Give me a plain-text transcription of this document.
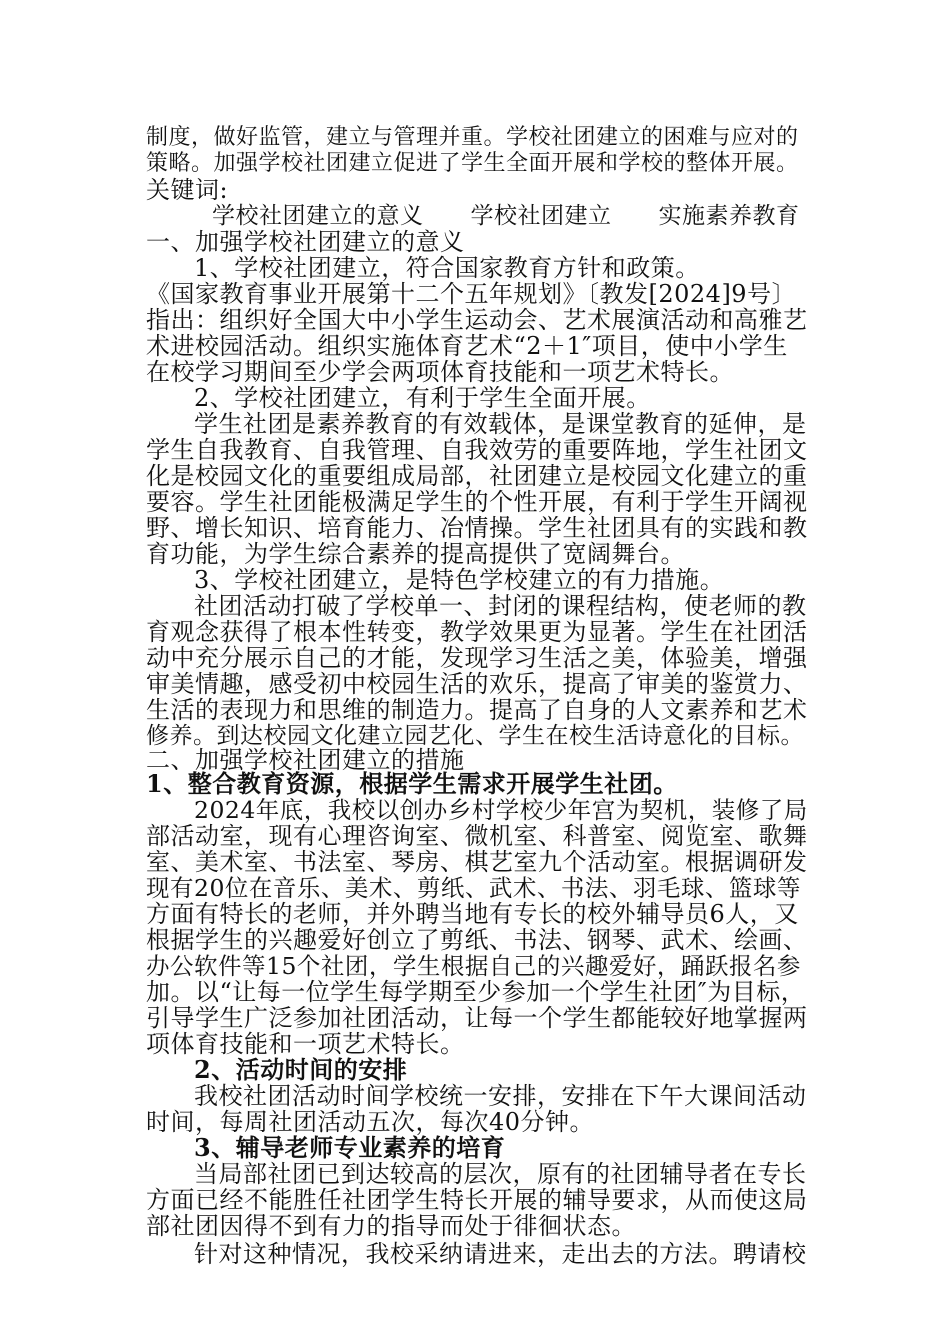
制度，做好监管，建立与管理并重。学校社团建立的困难与应对的
策略。加强学校社团建立促进了学生全面开展和学校的整体开展。
关键词:
学校社团建立的意义　　学校社团建立　　实施素养教育
一、加强学校社团建立的意义
1、学校社团建立，符合国家教育方针和政策。
《国家教育事业开展第十二个五年规划》〔教发[2024]9号〕
指出：组织好全国大中小学生运动会、艺术展演活动和高雅艺
术进校园活动。组织实施体育艺术“2＋1″项目，使中小学生
在校学习期间至少学会两项体育技能和一项艺术特长。
2、学校社团建立，有利于学生全面开展。
学生社团是素养教育的有效载体，是课堂教育的延伸，是
学生自我教育、自我管理、自我效劳的重要阵地，学生社团文
化是校园文化的重要组成局部，社团建立是校园文化建立的重
要容。学生社团能极满足学生的个性开展，有利于学生开阔视
野、增长知识、培育能力、冶情操。学生社团具有的实践和教
育功能，为学生综合素养的提高提供了宽阔舞台。
3、学校社团建立，是特色学校建立的有力措施。
社团活动打破了学校单一、封闭的课程结构，使老师的教
育观念获得了根本性转变，教学效果更为显著。学生在社团活
动中充分展示自己的才能，发现学习生活之美，体验美，增强
审美情趣，感受初中校园生活的欢乐，提高了审美的鉴赏力、
生活的表现力和思维的制造力。提高了自身的人文素养和艺术
修养。到达校园文化建立园艺化、学生在校生活诗意化的目标。
二、加强学校社团建立的措施
1、整合教育资源，根据学生需求开展学生社团。
2024年底，我校以创办乡村学校少年宫为契机，装修了局
部活动室，现有心理咨询室、微机室、科普室、阅览室、歌舞
室、美术室、书法室、琴房、棋艺室九个活动室。根据调研发
现有20位在音乐、美术、剪纸、武术、书法、羽毛球、篮球等
方面有特长的老师，并外聘当地有专长的校外辅导员6人，又
根据学生的兴趣爱好创立了剪纸、书法、钢琴、武术、绘画、
办公软件等15个社团，学生根据自己的兴趣爱好，踊跃报名参
加。以“让每一位学生每学期至少参加一个学生社团″为目标，
引导学生广泛参加社团活动，让每一个学生都能较好地掌握两
项体育技能和一项艺术特长。
2、活动时间的安排
我校社团活动时间学校统一安排，安排在下午大课间活动
时间，每周社团活动五次，每次40分钟。
3、辅导老师专业素养的培育
当局部社团已到达较高的层次，原有的社团辅导者在专长
方面已经不能胜任社团学生特长开展的辅导要求，从而使这局
部社团因得不到有力的指导而处于徘徊状态。
针对这种情况，我校采纳请进来，走出去的方法。聘请校
